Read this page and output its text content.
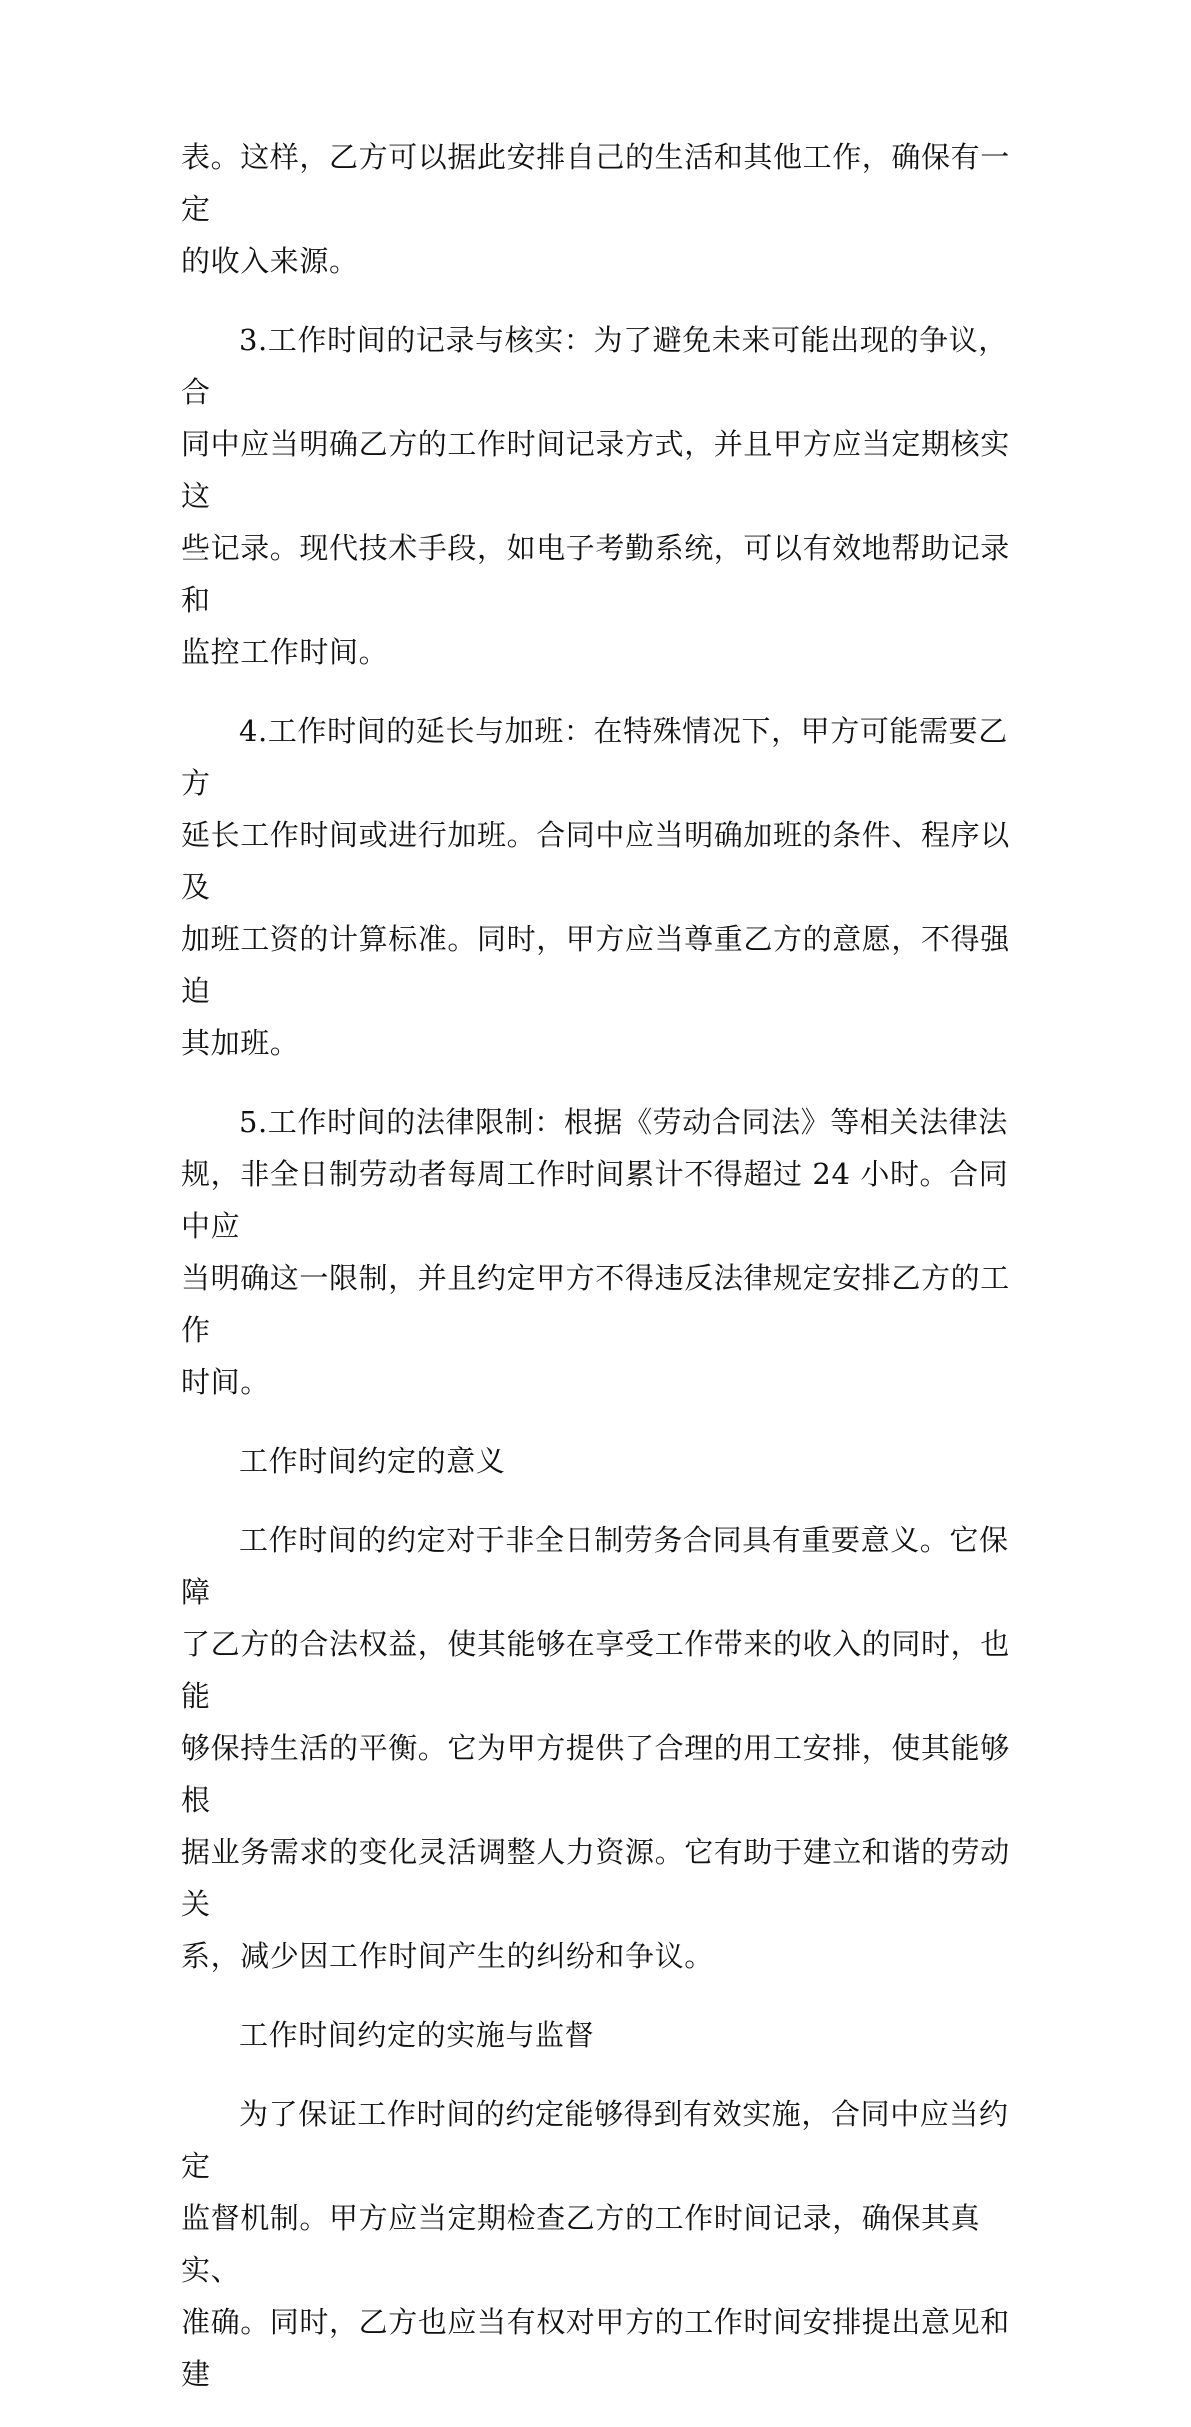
表。这样，乙方可以据此安排自己的生活和其他工作，确保有一定
的收入来源。

3.工作时间的记录与核实：为了避免未来可能出现的争议，合
同中应当明确乙方的工作时间记录方式，并且甲方应当定期核实这
些记录。现代技术手段，如电子考勤系统，可以有效地帮助记录和
监控工作时间。

4.工作时间的延长与加班：在特殊情况下，甲方可能需要乙方
延长工作时间或进行加班。合同中应当明确加班的条件、程序以及
加班工资的计算标准。同时，甲方应当尊重乙方的意愿，不得强迫
其加班。

5.工作时间的法律限制：根据《劳动合同法》等相关法律法
规，非全日制劳动者每周工作时间累计不得超过 24 小时。合同中应
当明确这一限制，并且约定甲方不得违反法律规定安排乙方的工作
时间。

工作时间约定的意义

工作时间的约定对于非全日制劳务合同具有重要意义。它保障
了乙方的合法权益，使其能够在享受工作带来的收入的同时，也能
够保持生活的平衡。它为甲方提供了合理的用工安排，使其能够根
据业务需求的变化灵活调整人力资源。它有助于建立和谐的劳动关
系，减少因工作时间产生的纠纷和争议。

工作时间约定的实施与监督

为了保证工作时间的约定能够得到有效实施，合同中应当约定
监督机制。甲方应当定期检查乙方的工作时间记录，确保其真实、
准确。同时，乙方也应当有权对甲方的工作时间安排提出意见和建
